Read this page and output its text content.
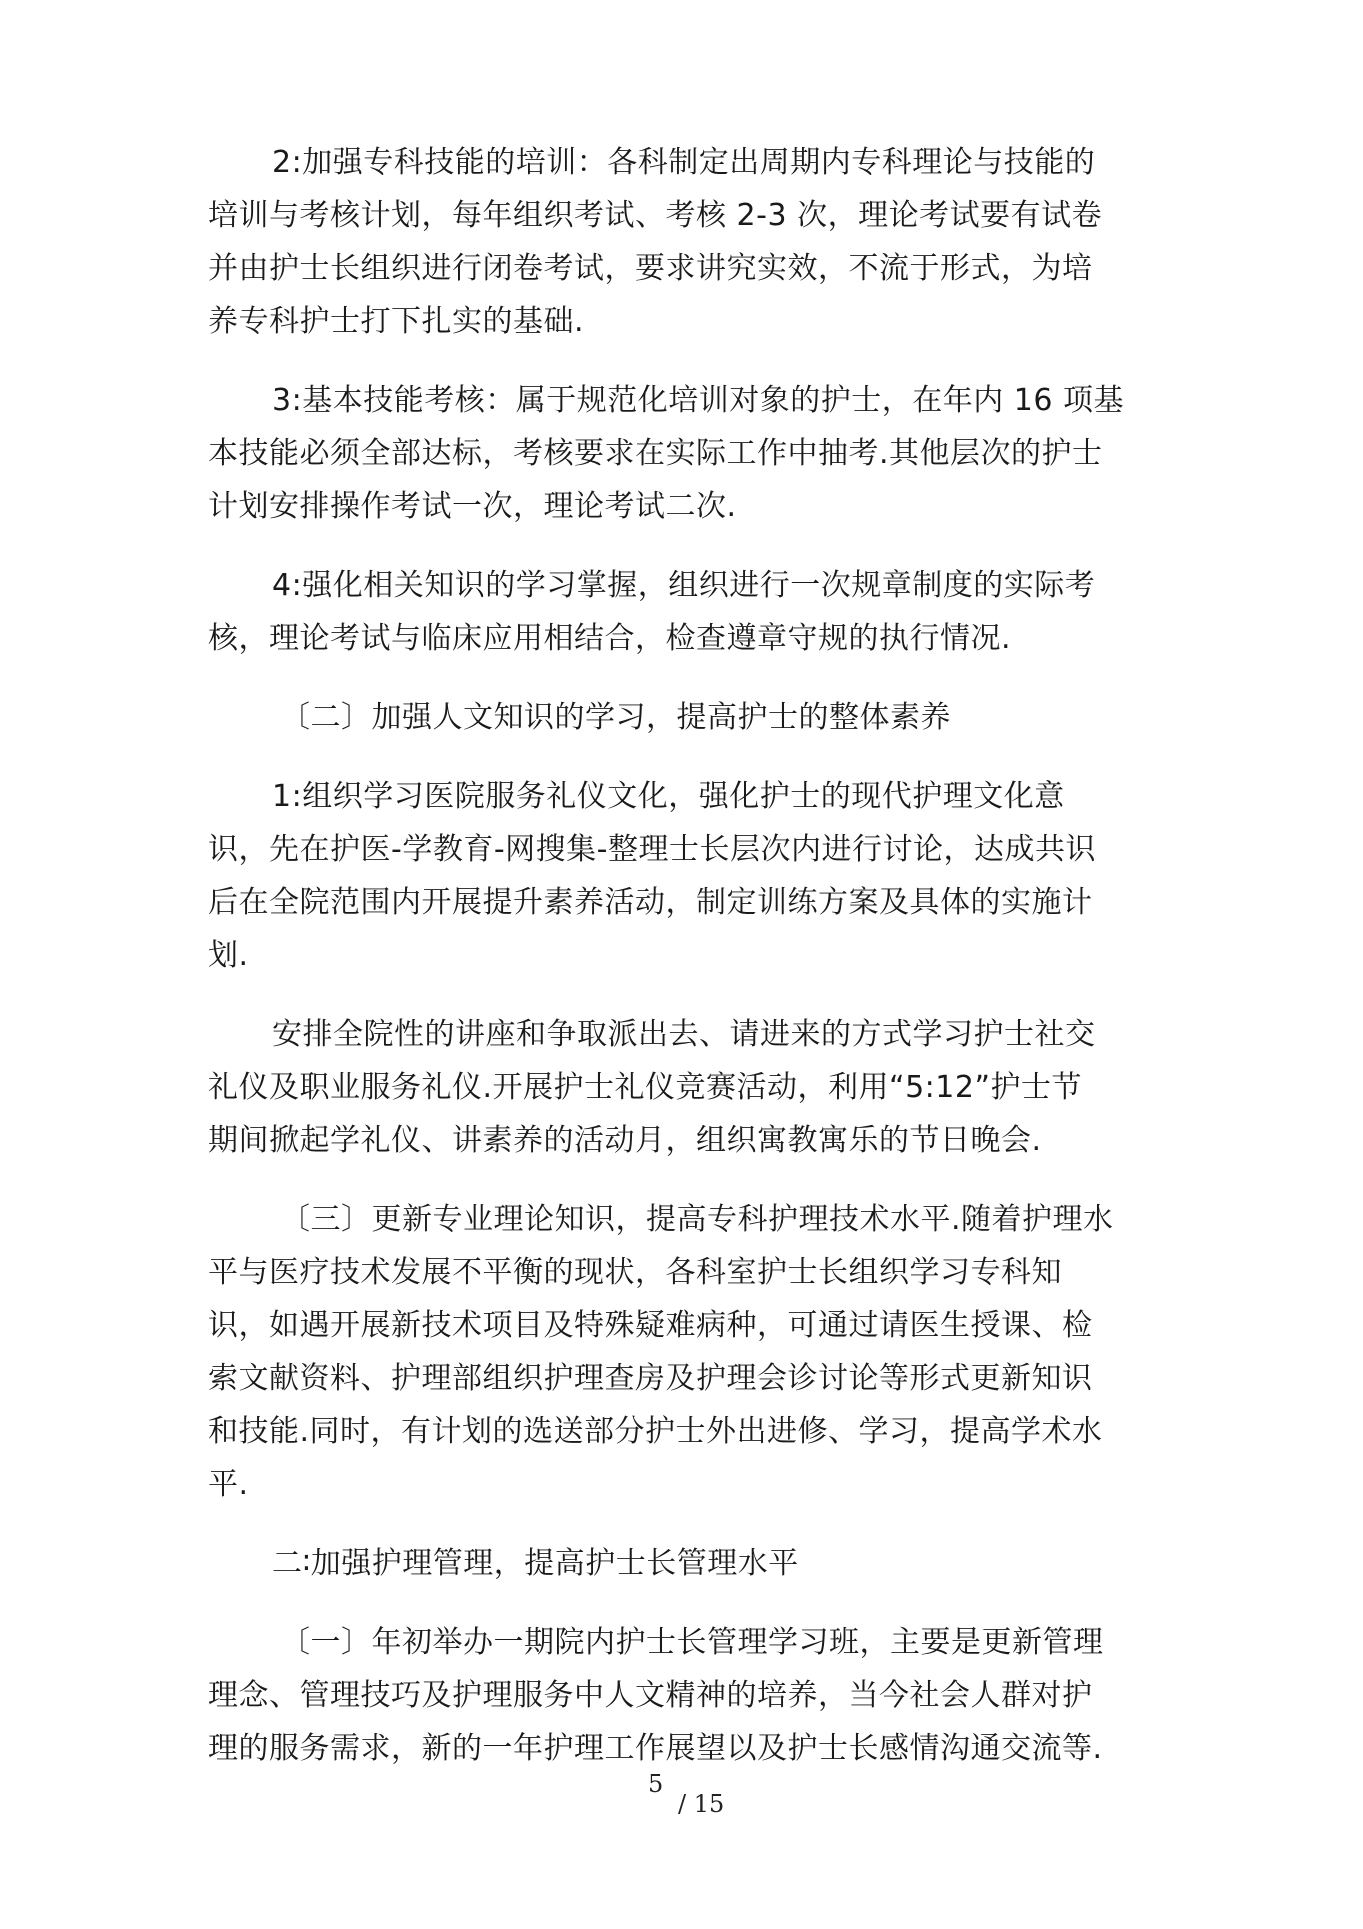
2:加强专科技能的培训：各科制定出周期内专科理论与技能的
培训与考核计划，每年组织考试、考核 2-3 次，理论考试要有试卷
并由护士长组织进行闭卷考试，要求讲究实效，不流于形式，为培
养专科护士打下扎实的基础.

3:基本技能考核：属于规范化培训对象的护士，在年内 16 项基
本技能必须全部达标，考核要求在实际工作中抽考.其他层次的护士
计划安排操作考试一次，理论考试二次.

4:强化相关知识的学习掌握，组织进行一次规章制度的实际考
核，理论考试与临床应用相结合，检查遵章守规的执行情况.

〔二〕加强人文知识的学习，提高护士的整体素养

1:组织学习医院服务礼仪文化，强化护士的现代护理文化意
识，先在护医-学教育-网搜集-整理士长层次内进行讨论，达成共识
后在全院范围内开展提升素养活动，制定训练方案及具体的实施计
划.

安排全院性的讲座和争取派出去、请进来的方式学习护士社交
礼仪及职业服务礼仪.开展护士礼仪竞赛活动，利用“5:12”护士节
期间掀起学礼仪、讲素养的活动月，组织寓教寓乐的节日晚会.

〔三〕更新专业理论知识，提高专科护理技术水平.随着护理水
平与医疗技术发展不平衡的现状，各科室护士长组织学习专科知
识，如遇开展新技术项目及特殊疑难病种，可通过请医生授课、检
索文献资料、护理部组织护理查房及护理会诊讨论等形式更新知识
和技能.同时，有计划的选送部分护士外出进修、学习，提高学术水
平.

二∶加强护理管理，提高护士长管理水平

〔一〕年初举办一期院内护士长管理学习班，主要是更新管理
理念、管理技巧及护理服务中人文精神的培养，当今社会人群对护
理的服务需求，新的一年护理工作展望以及护士长感情沟通交流等.

5
/ 15
